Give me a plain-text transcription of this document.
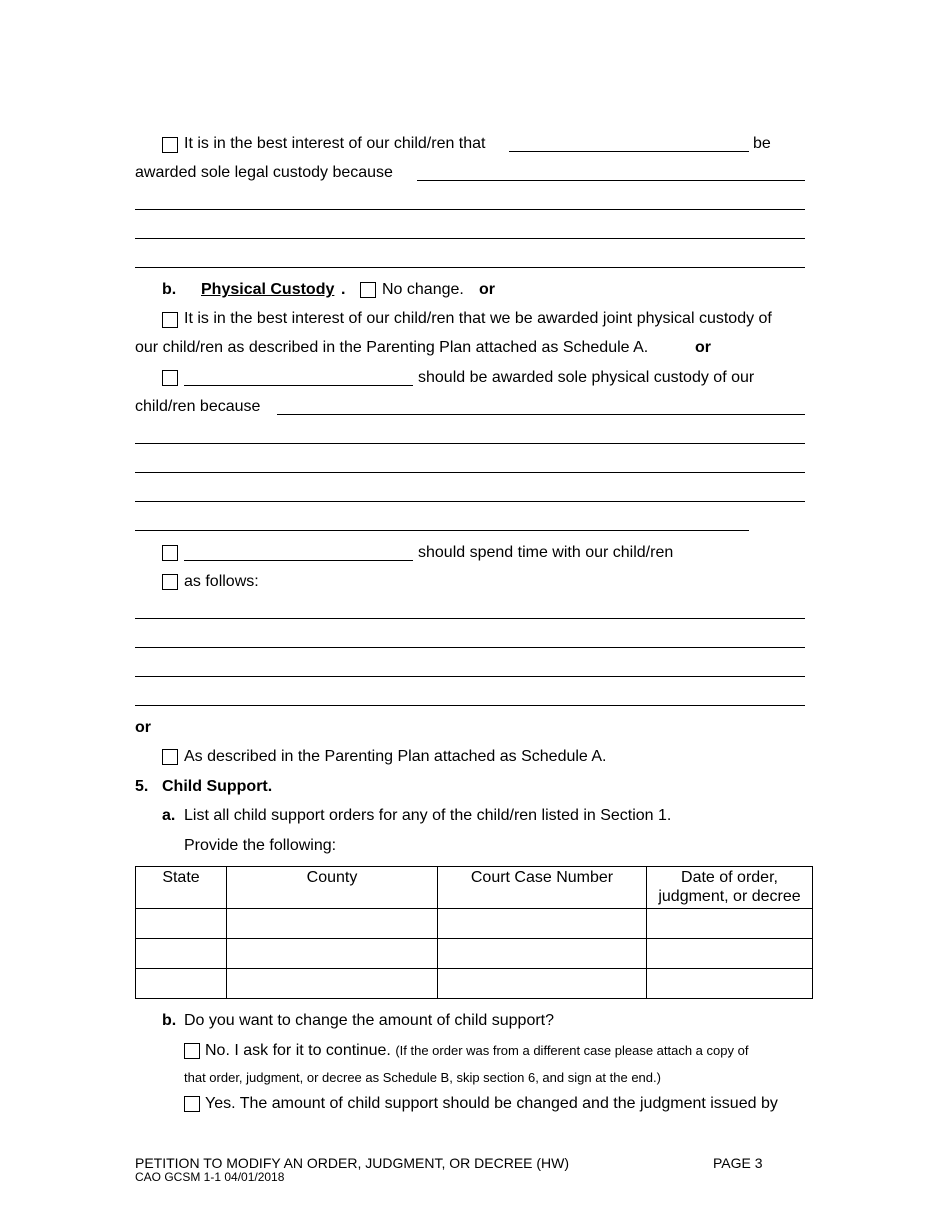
It is in the best interest of our child/ren that	be
awarded sole legal custody because
b. Physical Custody . No change. or
It is in the best interest of our child/ren that we be awarded joint physical custody of
our child/ren as described in the Parenting Plan attached as Schedule A.	or
should be awarded sole physical custody of our
child/ren because
should spend time with our child/ren
as follows:
or
As described in the Parenting Plan attached as Schedule A.
5. Child Support.
a. List all child support orders for any of the child/ren listed in Section 1.
Provide the following:
State	County	Court Case Number	Date of order,
judgment, or decree

b. Do you want to change the amount of child support?
No. I ask for it to continue. (If the order was from a different case please attach a copy of
that order, judgment, or decree as Schedule B, skip section 6, and sign at the end.)
Yes. The amount of child support should be changed and the judgment issued by
PETITION TO MODIFY AN ORDER, JUDGMENT, OR DECREE (HW)	PAGE 3
CAO GCSM 1-1 04/01/2018
